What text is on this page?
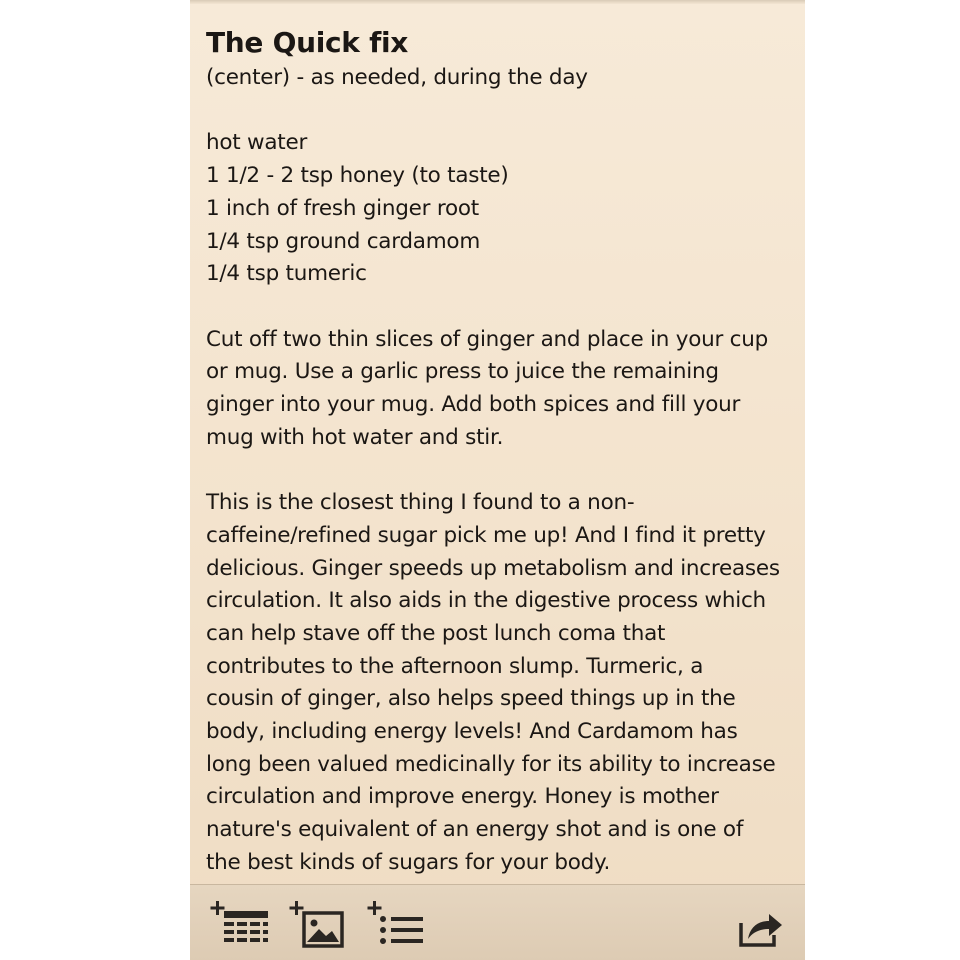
The Quick fix
(center) - as needed, during the day
hot water
1 1/2 - 2 tsp honey (to taste)
1 inch of fresh ginger root
1/4 tsp ground cardamom
1/4 tsp tumeric
Cut off two thin slices of ginger and place in your cup
or mug. Use a garlic press to juice the remaining
ginger into your mug. Add both spices and fill your
mug with hot water and stir.
This is the closest thing I found to a non-
caffeine/refined sugar pick me up! And I find it pretty
delicious. Ginger speeds up metabolism and increases
circulation. It also aids in the digestive process which
can help stave off the post lunch coma that
contributes to the afternoon slump. Turmeric, a
cousin of ginger, also helps speed things up in the
body, including energy levels! And Cardamom has
long been valued medicinally for its ability to increase
circulation and improve energy. Honey is mother
nature's equivalent of an energy shot and is one of
the best kinds of sugars for your body.
